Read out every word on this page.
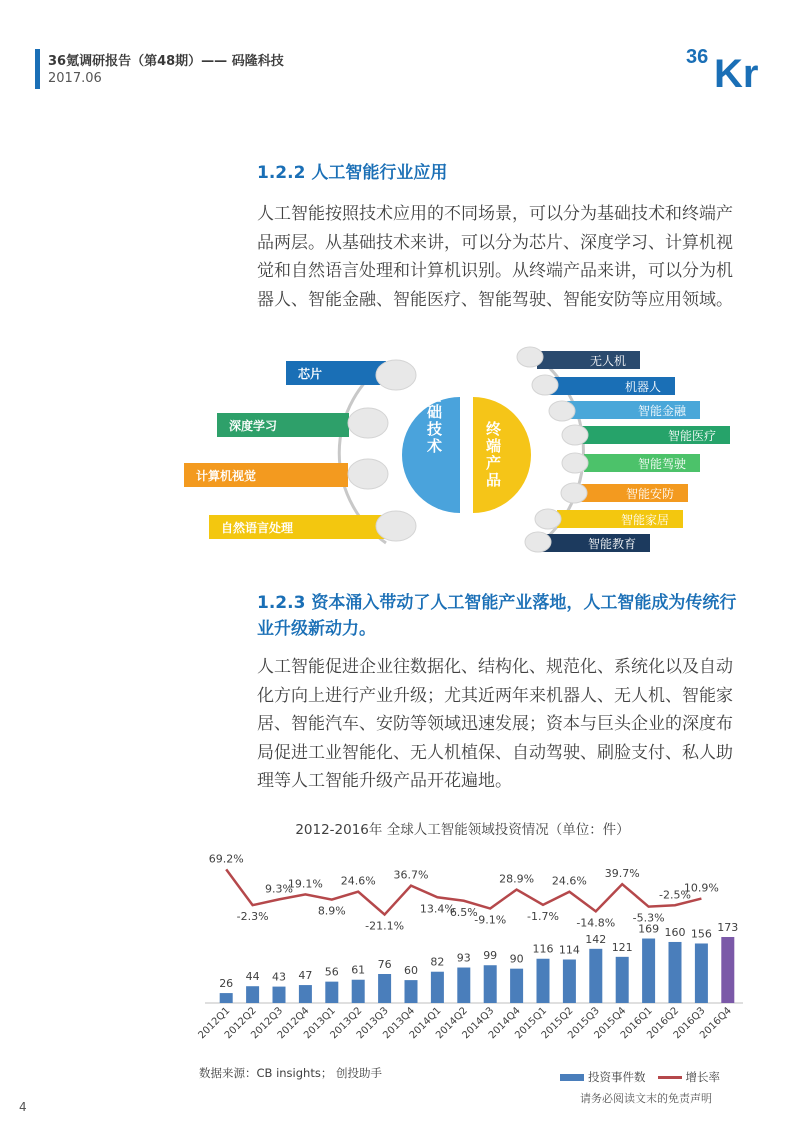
36氪调研报告（第48期）—— 码隆科技
2017.06
36 Kr
1.2.2 人工智能行业应用

人工智能按照技术应用的不同场景，可以分为基础技术和终端产品两层。从基础技术来讲，可以分为芯片、深度学习、计算机视觉和自然语言处理和计算机识别。从终端产品来讲，可以分为机器人、智能金融、智能医疗、智能驾驶、智能安防等应用领域。

基础技术	终端产品
芯片
深度学习
计算机视觉
自然语言处理
无人机
机器人
智能金融
智能医疗
智能驾驶
智能安防
智能家居
智能教育
1.2.3 资本涌入带动了人工智能产业落地，人工智能成为传统行业升级新动力。

人工智能促进企业往数据化、结构化、规范化、系统化以及自动化方向上进行产业升级；尤其近两年来机器人、无人机、智能家居、智能汽车、安防等领域迅速发展；资本与巨头企业的深度布局促进工业智能化、无人机植保、自动驾驶、刷脸支付、私人助理等人工智能升级产品开花遍地。

2012-2016年 全球人工智能领域投资情况（单位：件）
26
2012Q1
44
2012Q2
43
2012Q3
47
2012Q4
56
2013Q1
61
2013Q2
76
2013Q3
60
2013Q4
82
2014Q1
93
2014Q2
99
2014Q3
90
2014Q4
116
2015Q1
114
2015Q2
142
2015Q3
121
2015Q4
169
2016Q1
160
2016Q2
156
2016Q3
173
2016Q4
69.2%
-2.3%
9.3%
19.1%
8.9%
24.6%
-21.1%
36.7%
13.4%
6.5%
-9.1%
28.9%
-1.7%
24.6%
-14.8%
39.7%
-5.3%
-2.5%
10.9%
数据来源：CB insights； 创投助手	投资事件数	增长率
请务必阅读文末的免责声明
4
